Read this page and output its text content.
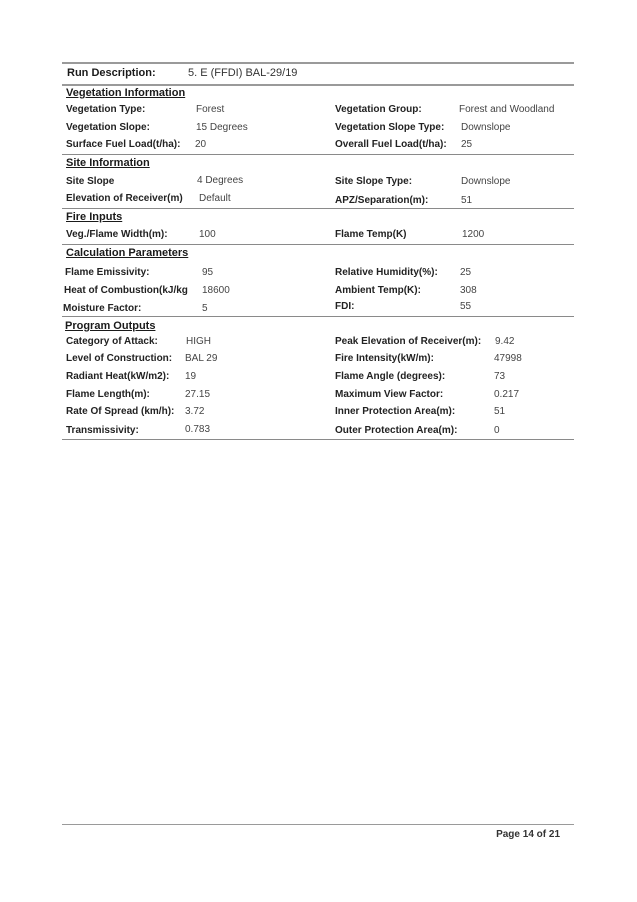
Run Description:	5. E (FFDI) BAL-29/19
Vegetation Information
Vegetation Type:	Forest	Vegetation Group:	Forest and Woodland
Vegetation Slope:	15 Degrees	Vegetation Slope Type: Downslope
Surface Fuel Load(t/ha): 20	Overall Fuel Load(t/ha): 25
Site Information
Site Slope	4 Degrees	Site Slope Type:	Downslope
Elevation of Receiver(m) Default	APZ/Separation(m):	51
Fire Inputs
Veg./Flame Width(m):	100	Flame Temp(K)	1200
Calculation Parameters
Flame Emissivity:	95	Relative Humidity(%): 25
Heat of Combustion(kJ/kg 18600	Ambient Temp(K):	308
Moisture Factor:	5	FDI:	55
Program Outputs
Category of Attack:	HIGH	Peak Elevation of Receiver(m): 9.42
Level of Construction: BAL 29	Fire Intensity(kW/m):	47998
Radiant Heat(kW/m2): 19	Flame Angle (degrees):	73
Flame Length(m):	27.15	Maximum View Factor:	0.217
Rate Of Spread (km/h): 3.72	Inner Protection Area(m):	51
Transmissivity:	0.783	Outer Protection Area(m):	0
Page 14 of 21
